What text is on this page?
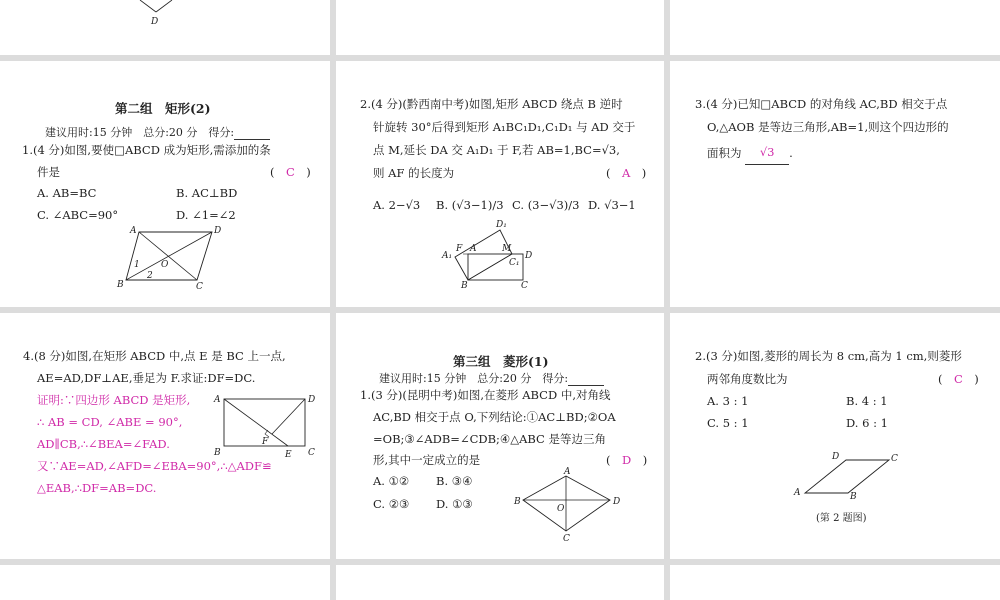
D
第二组　矩形(2)
建议用时:15 分钟　总分:20 分　得分:
1.(4 分)如图,要使□ABCD 成为矩形,需添加的条
件是	(　C　)
A. AB=BC	B. AC⊥BD
C. ∠ABC=90°	D. ∠1=∠2
A	D
B	C
O
1
2
2.(4 分)(黔西南中考)如图,矩形 ABCD 绕点 B 逆时
针旋转 30°后得到矩形 A₁BC₁D₁,C₁D₁ 与 AD 交于
点 M,延长 DA 交 A₁D₁ 于 F,若 AB=1,BC=√3,
则 AF 的长度为	(　A　)
A. 2−√3 B. (√3−1)/3 C. (3−√3)/3 D. √3−1
D₁
F A	M
A₁
C₁
D
B	C
3.(4 分)已知□ABCD 的对角线 AC,BD 相交于点
O,△AOB 是等边三角形,AB=1,则这个四边形的
面积为 √3 .
4.(8 分)如图,在矩形 ABCD 中,点 E 是 BC 上一点,
AE=AD,DF⊥AE,垂足为 F.求证:DF=DC.
证明:∵四边形 ABCD 是矩形,
∴ AB = CD, ∠ABE = 90°,
AD∥CB,∴∠BEA=∠FAD.
又∵AE=AD,∠AFD=∠EBA=90°,∴△ADF≌
△EAB,∴DF=AB=DC.
A	D
F
B	E C
第三组　菱形(1)
建议用时:15 分钟　总分:20 分　得分:
1.(3 分)(昆明中考)如图,在菱形 ABCD 中,对角线
AC,BD 相交于点 O,下列结论:①AC⊥BD;②OA
=OB;③∠ADB=∠CDB;④△ABC 是等边三角
形,其中一定成立的是	(　D　)
A. ①② B. ③④
C. ②③ D. ①③
A
B	D
O
C
2.(3 分)如图,菱形的周长为 8 cm,高为 1 cm,则菱形
两邻角度数比为	(　C　)
A. 3 : 1	B. 4 : 1
C. 5 : 1	D. 6 : 1
D	C
A	B
(第 2 题图)
